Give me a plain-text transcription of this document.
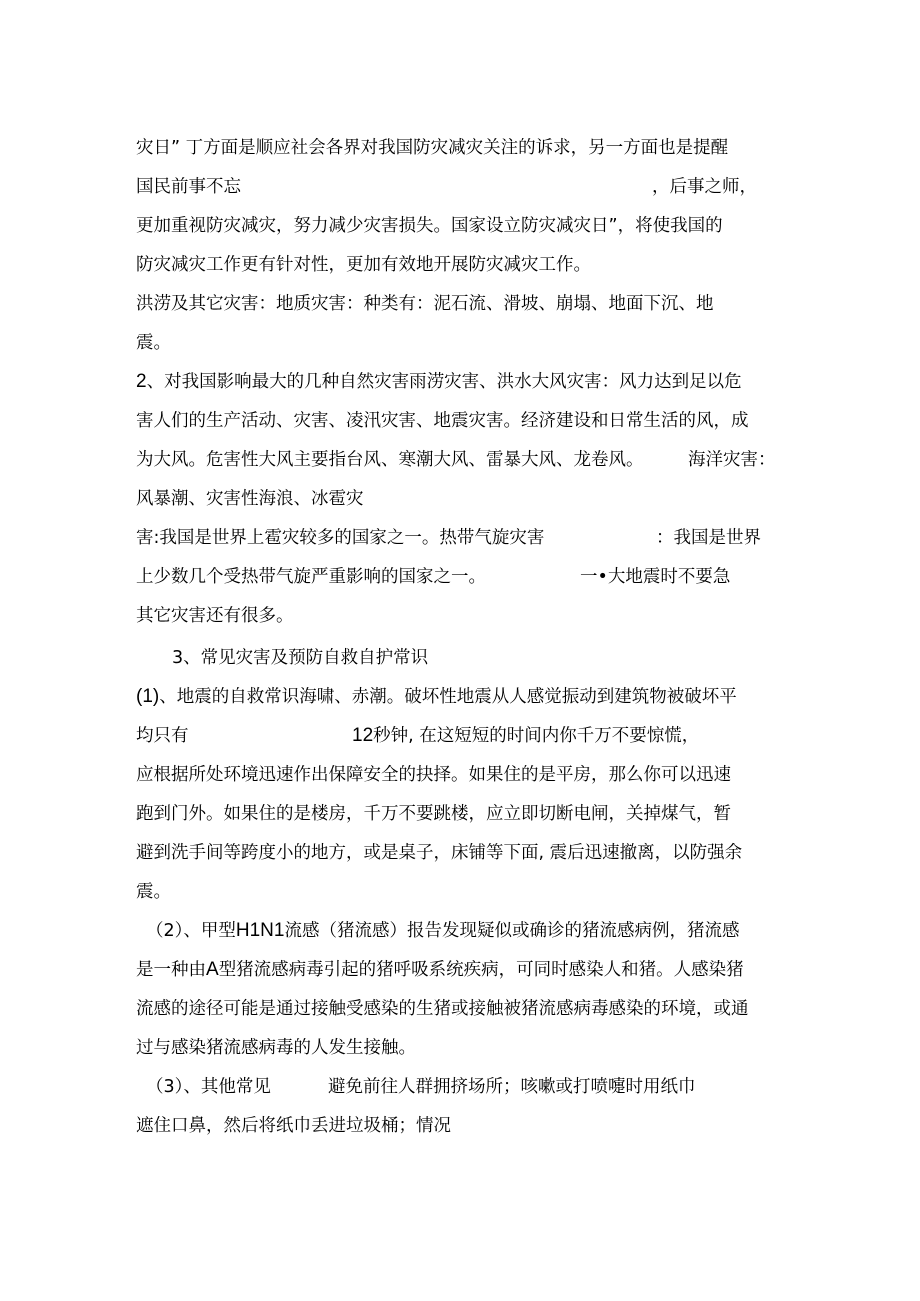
灾日” 丁方面是顺应社会各界对我国防灾减灾关注的诉求，另一方面也是提醒

国民前事不忘	，后事之师，

更加重视防灾减灾，努力减少灾害损失。国家设立防灾减灾日”，将使我国的

防灾减灾工作更有针对性，更加有效地开展防灾减灾工作。

洪涝及其它灾害：地质灾害：种类有：泥石流、滑坡、崩塌、地面下沉、地

震。

2、对我国影响最大的几种自然灾害雨涝灾害、洪水大风灾害：风力达到足以危

害人们的生产活动、灾害、凌汛灾害、地震灾害。经济建设和日常生活的风，成

为大风。危害性大风主要指台风、寒潮大风、雷暴大风、龙卷风。	海洋灾害：

风暴潮、灾害性海浪、冰雹灾

害:我国是世界上雹灾较多的国家之一。热带气旋灾害	：我国是世界

上少数几个受热带气旋严重影响的国家之一。	一•大地震时不要急

其它灾害还有很多。

3、常见灾害及预防自救自护常识

(1)、地震的自救常识海啸、赤潮。破坏性地震从人感觉振动到建筑物被破坏平

均只有	12秒钟, 在这短短的时间内你千万不要惊慌，

应根据所处环境迅速作出保障安全的抉择。如果住的是平房，那么你可以迅速

跑到门外。如果住的是楼房，千万不要跳楼，应立即切断电闸，关掉煤气，暂

避到洗手间等跨度小的地方，或是桌子，床铺等下面, 震后迅速撤离，以防强余

震。

（2）、甲型H1N1流感（猪流感）报告发现疑似或确诊的猪流感病例，猪流感

是一种由A型猪流感病毒引起的猪呼吸系统疾病，可同时感染人和猪。人感染猪

流感的途径可能是通过接触受感染的生猪或接触被猪流感病毒感染的环境，或通

过与感染猪流感病毒的人发生接触。

（3）、其他常见	避免前往人群拥挤场所；咳嗽或打喷嚏时用纸巾

遮住口鼻，然后将纸巾丢进垃圾桶；情况
